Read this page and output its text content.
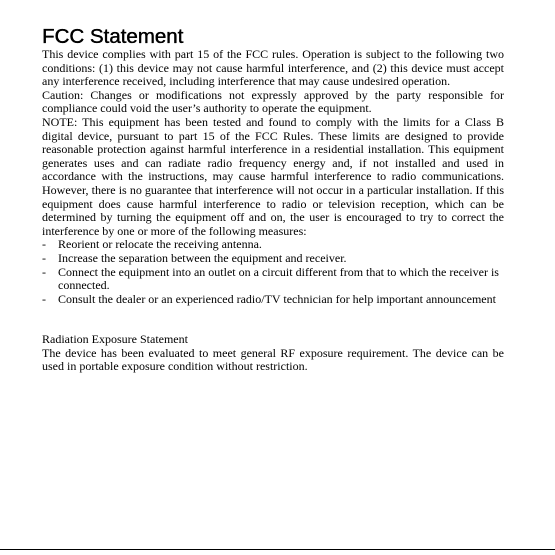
FCC Statement

This device complies with part 15 of the FCC rules. Operation is subject to the following two conditions: (1) this device may not cause harmful interference, and (2) this device must accept any interference received, including interference that may cause undesired operation.

Caution: Changes or modifications not expressly approved by the party responsible for compliance could void the user’s authority to operate the equipment.

NOTE: This equipment has been tested and found to comply with the limits for a Class B digital device, pursuant to part 15 of the FCC Rules. These limits are designed to provide reasonable protection against harmful interference in a residential installation. This equipment generates uses and can radiate radio frequency energy and, if not installed and used in accordance with the instructions, may cause harmful interference to radio communications. However, there is no guarantee that interference will not occur in a particular installation. If this equipment does cause harmful interference to radio or television reception, which can be determined by turning the equipment off and on, the user is encouraged to try to correct the interference by one or more of the following measures:

-	Reorient or relocate the receiving antenna.
-	Increase the separation between the equipment and receiver.
-	Connect the equipment into an outlet on a circuit different from that to which the receiver is connected.
-	Consult the dealer or an experienced radio/TV technician for help important announcement

Radiation Exposure Statement

The device has been evaluated to meet general RF exposure requirement. The device can be used in portable exposure condition without restriction.
